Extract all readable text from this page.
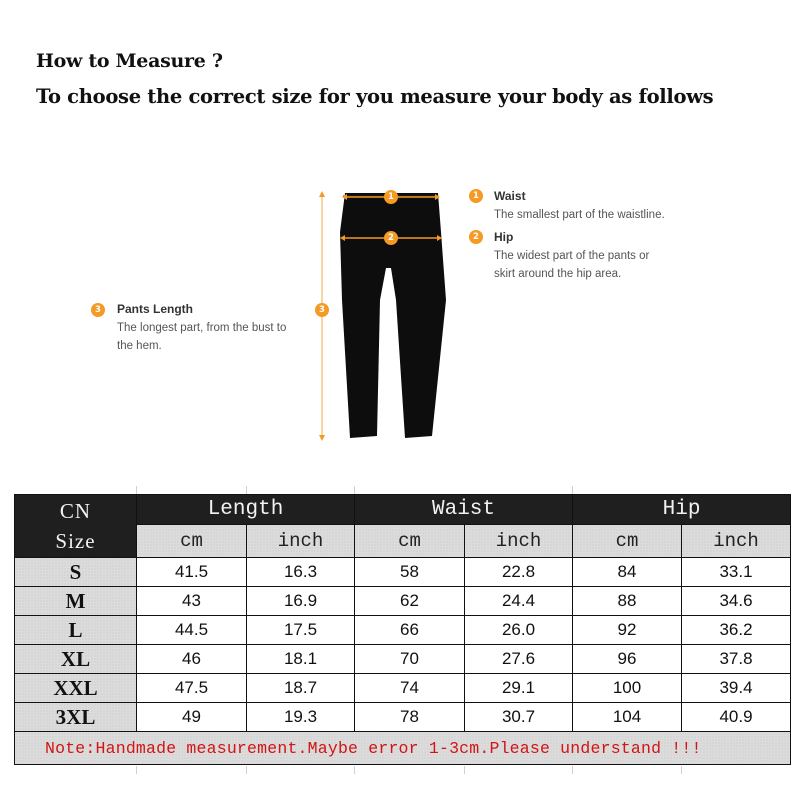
How to Measure ?
To choose the correct size for you measure your body as follows
1
2
3
1	Waist
The smallest part of the waistline.
2	Hip
The widest part of the pants or
skirt around the hip area.
3	Pants Length
The longest part, from the bust to
the hem.
CN
Size	Length		Waist		Hip	
	cm	inch	cm	inch	cm	inch
S	41.5	16.3	58	22.8	84	33.1
M	43	16.9	62	24.4	88	34.6
L	44.5	17.5	66	26.0	92	36.2
XL	46	18.1	70	27.6	96	37.8
XXL	47.5	18.7	74	29.1	100	39.4
3XL	49	19.3	78	30.7	104	40.9
Note:Handmade measurement.Maybe error 1-3cm.Please understand !!!						
